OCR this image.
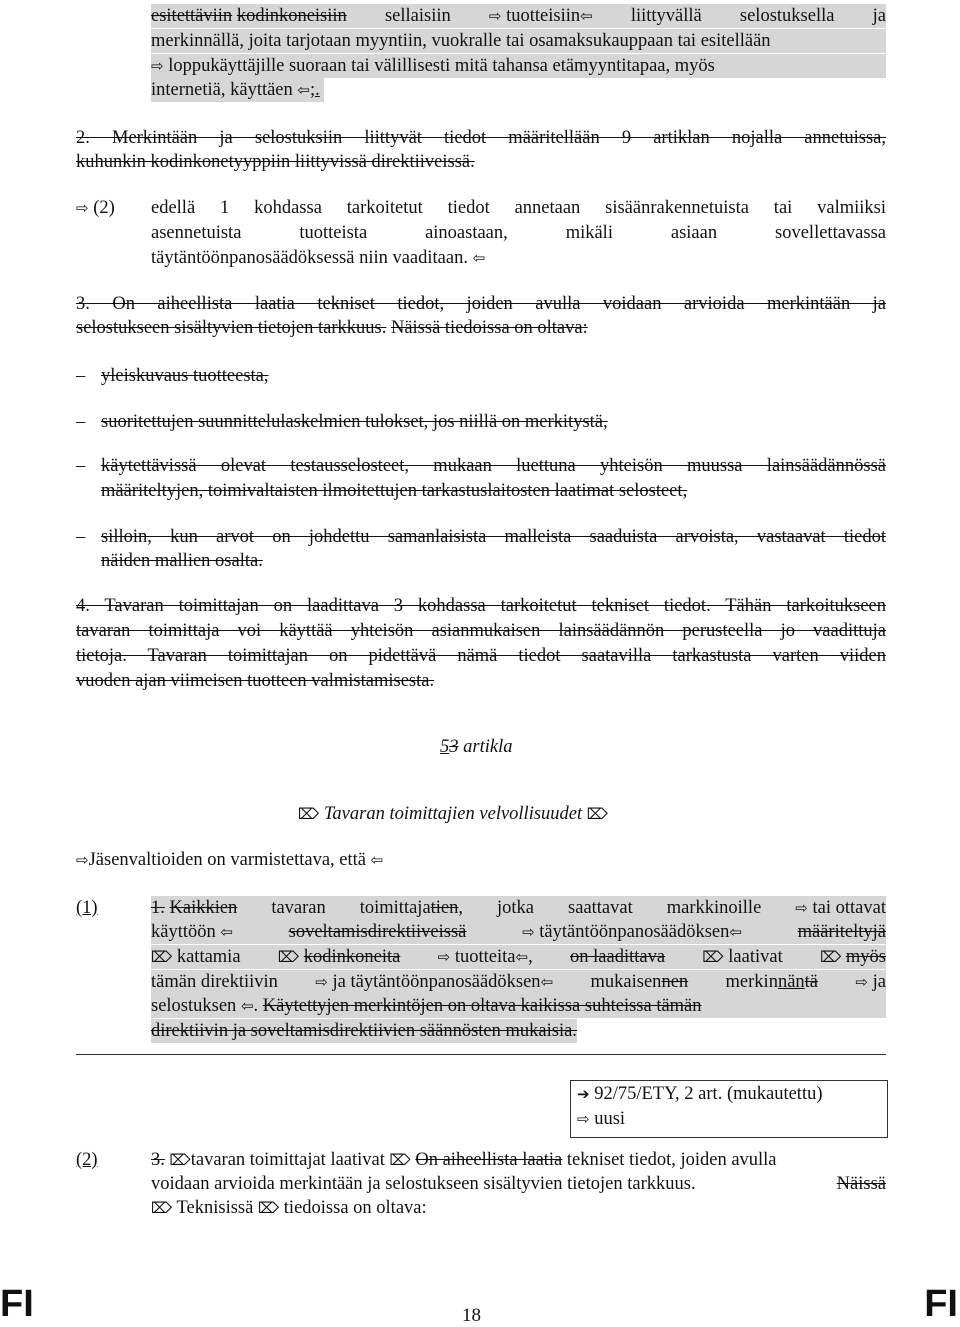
esitettäviin kodinkoneisiin sellaisiin	⇨ tuotteisiin⇦ liittyvällä selostuksella ja
merkinnällä, joita tarjotaan myyntiin, vuokralle tai osamaksukauppaan tai esitellään
⇨ loppukäyttäjille suoraan tai välillisesti mitä tahansa etämyyntitapaa, myös
internetiä, käyttäen ⇦;.
2. Merkintään ja selostuksiin liittyvät tiedot määritellään 9 artiklan nojalla annetuissa,
kuhunkin kodinkonetyyppiin liittyvissä direktiiveissä.
⇨ (2) edellä 1 kohdassa tarkoitetut tiedot annetaan sisäänrakennetuista tai valmiiksi
asennetuista tuotteista ainoastaan, mikäli asiaan sovellettavassa
täytäntöönpanosäädöksessä niin vaaditaan. ⇦
3. On aiheellista laatia tekniset tiedot, joiden avulla voidaan arvioida merkintään ja
selostukseen sisältyvien tietojen tarkkuus. Näissä tiedoissa on oltava:
– yleiskuvaus tuotteesta,
– suoritettujen suunnittelulaskelmien tulokset, jos niillä on merkitystä,
– käytettävissä olevat testausselosteet, mukaan luettuna yhteisön muussa lainsäädännössä
määriteltyjen, toimivaltaisten ilmoitettujen tarkastuslaitosten laatimat selosteet,
– silloin, kun arvot on johdettu samanlaisista malleista saaduista arvoista, vastaavat tiedot
näiden mallien osalta.
4. Tavaran toimittajan on laadittava 3 kohdassa tarkoitetut tekniset tiedot. Tähän tarkoitukseen
tavaran toimittaja voi käyttää yhteisön asianmukaisen lainsäädännön perusteella jo vaadittuja
tietoja. Tavaran toimittajan on pidettävä nämä tiedot saatavilla tarkastusta varten viiden
vuoden ajan viimeisen tuotteen valmistamisesta.
53 artikla
⌦ Tavaran toimittajien velvollisuudet ⌦
⇨Jäsenvaltioiden on varmistettava, että ⇦
(1)	1. Kaikkien tavaran toimittajatien, jotka saattavat markkinoille ⇨ tai ottavat
käyttöön ⇦	soveltamisdirektiiveissä	⇨ täytäntöönpanosäädöksen⇦	määriteltyjä
⌦ kattamia ⌦ kodinkoneita ⇨ tuotteita⇦, on laadittava ⌦ laativat ⌦ myös
tämän direktiivin ⇨ ja täytäntöönpanosäädöksen⇦ mukaisennen merkinnäntä ⇨ ja
selostuksen ⇦. Käytettyjen merkintöjen on oltava kaikissa suhteissa tämän
direktiivin ja soveltamisdirektiivien säännösten mukaisia.
➔ 92/75/ETY, 2 art. (mukautettu)
⇨ uusi
(2)	3. ⌦tavaran toimittajat laativat ⌦ On aiheellista laatia tekniset tiedot, joiden avulla
voidaan arvioida merkintään ja selostukseen sisältyvien tietojen tarkkuus.	Näissä
⌦ Teknisissä ⌦ tiedoissa on oltava:
FI	FI
18
